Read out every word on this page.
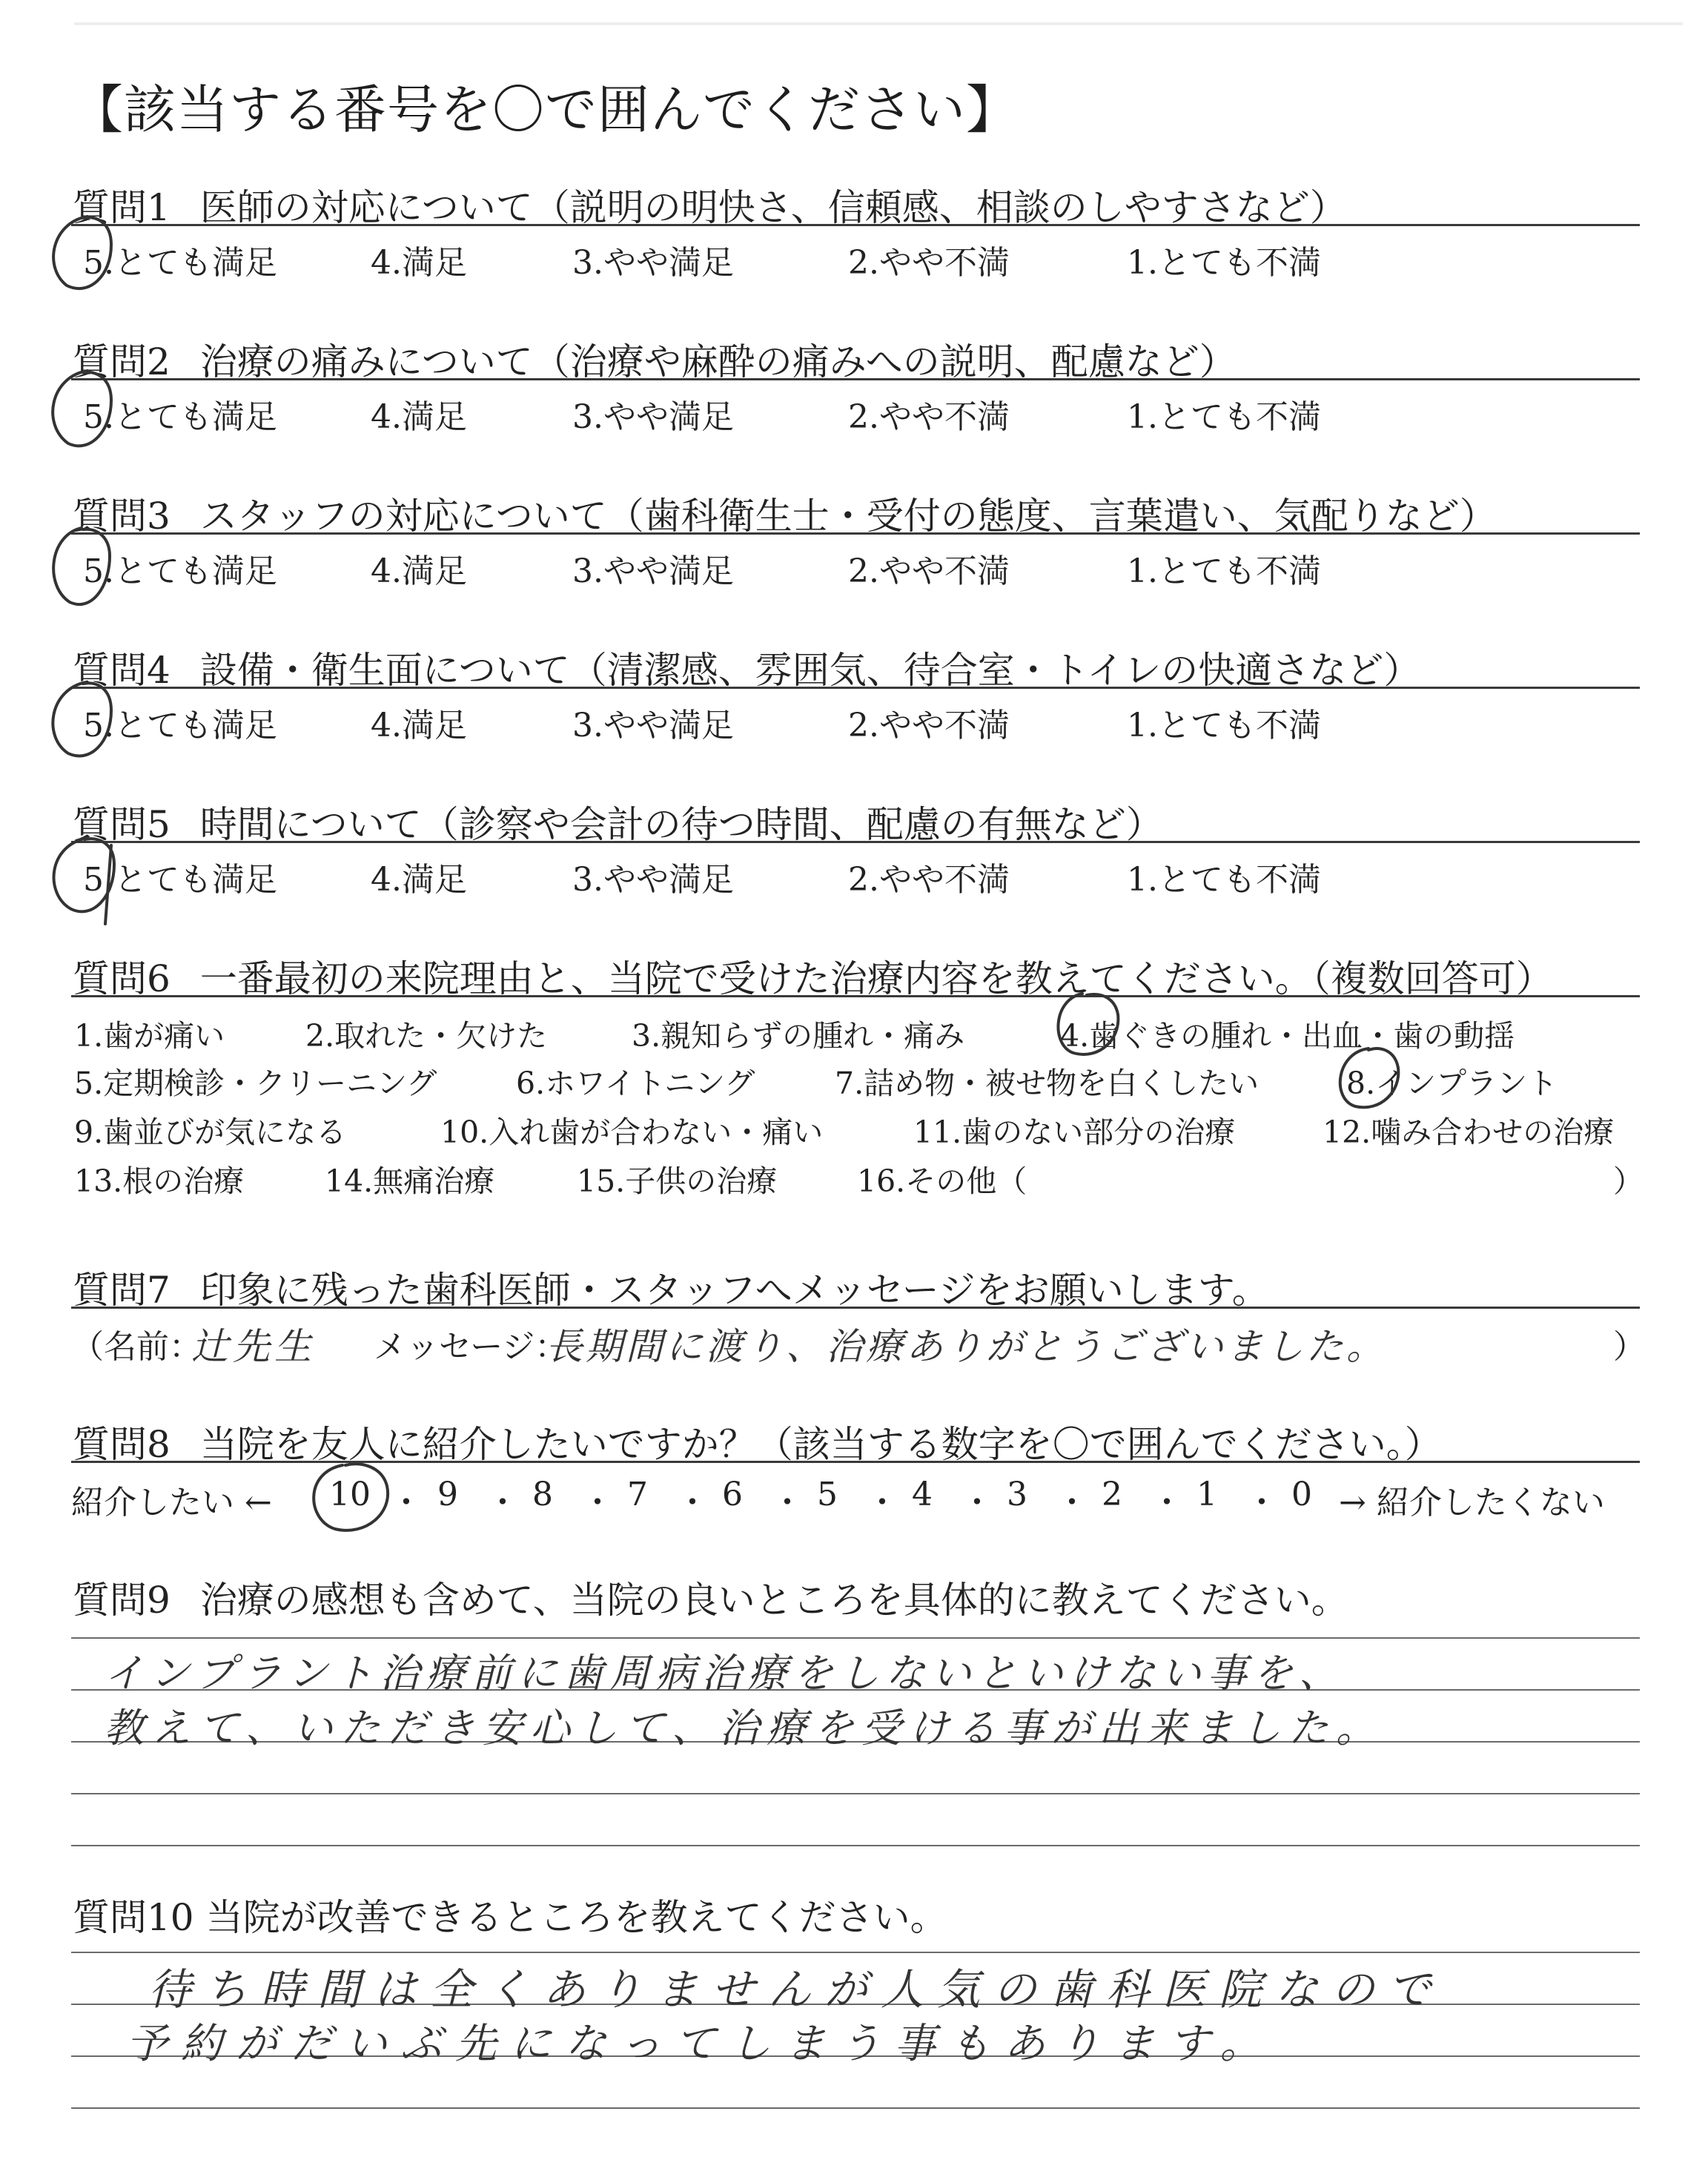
【該当する番号を〇で囲んでください】
質問1 医師の対応について（説明の明快さ、信頼感、相談のしやすさなど）
5.とても満足	4.満足	3.やや満足	2.やや不満	1.とても不満
質問2 治療の痛みについて（治療や麻酔の痛みへの説明、配慮など）
5.とても満足	4.満足	3.やや満足	2.やや不満	1.とても不満
質問3 スタッフの対応について（歯科衛生士・受付の態度、言葉遣い、気配りなど）
5.とても満足	4.満足	3.やや満足	2.やや不満	1.とても不満
質問4 設備・衛生面について（清潔感、雰囲気、待合室・トイレの快適さなど）
5.とても満足	4.満足	3.やや満足	2.やや不満	1.とても不満
質問5 時間について（診察や会計の待つ時間、配慮の有無など）
5.とても満足	4.満足	3.やや満足	2.やや不満	1.とても不満
質問6 一番最初の来院理由と、当院で受けた治療内容を教えてください。（複数回答可）
1.歯が痛い	2.取れた・欠けた	3.親知らずの腫れ・痛み	4.歯ぐきの腫れ・出血・歯の動揺
5.定期検診・クリーニング	6.ホワイトニング	7.詰め物・被せ物を白くしたい	8.インプラント
9.歯並びが気になる	10.入れ歯が合わない・痛い	11.歯のない部分の治療	12.噛み合わせの治療
13.根の治療	14.無痛治療	15.子供の治療	16.その他（	）
質問7 印象に残った歯科医師・スタッフへメッセージをお願いします。
（名前：
辻先生 メッセージ：
長期間に渡り、治療ありがとうございました。	）
質問8 当院を友人に紹介したいですか？（該当する数字を〇で囲んでください。）
紹介したい ← 10 ・ 9 ・ 8 ・ 7 ・ 6 ・ 5 ・ 4 ・ 3 ・ 2 ・ 1 ・ 0 → 紹介したくない
質問9 治療の感想も含めて、当院の良いところを具体的に教えてください。
インプラント治療前に歯周病治療をしないといけない事を、
教えて、いただき安心して、治療を受ける事が出来ました。
質問10 当院が改善できるところを教えてください。
待ち時間は全くありませんが人気の歯科医院なので
予約がだいぶ先になってしまう事もあります。
